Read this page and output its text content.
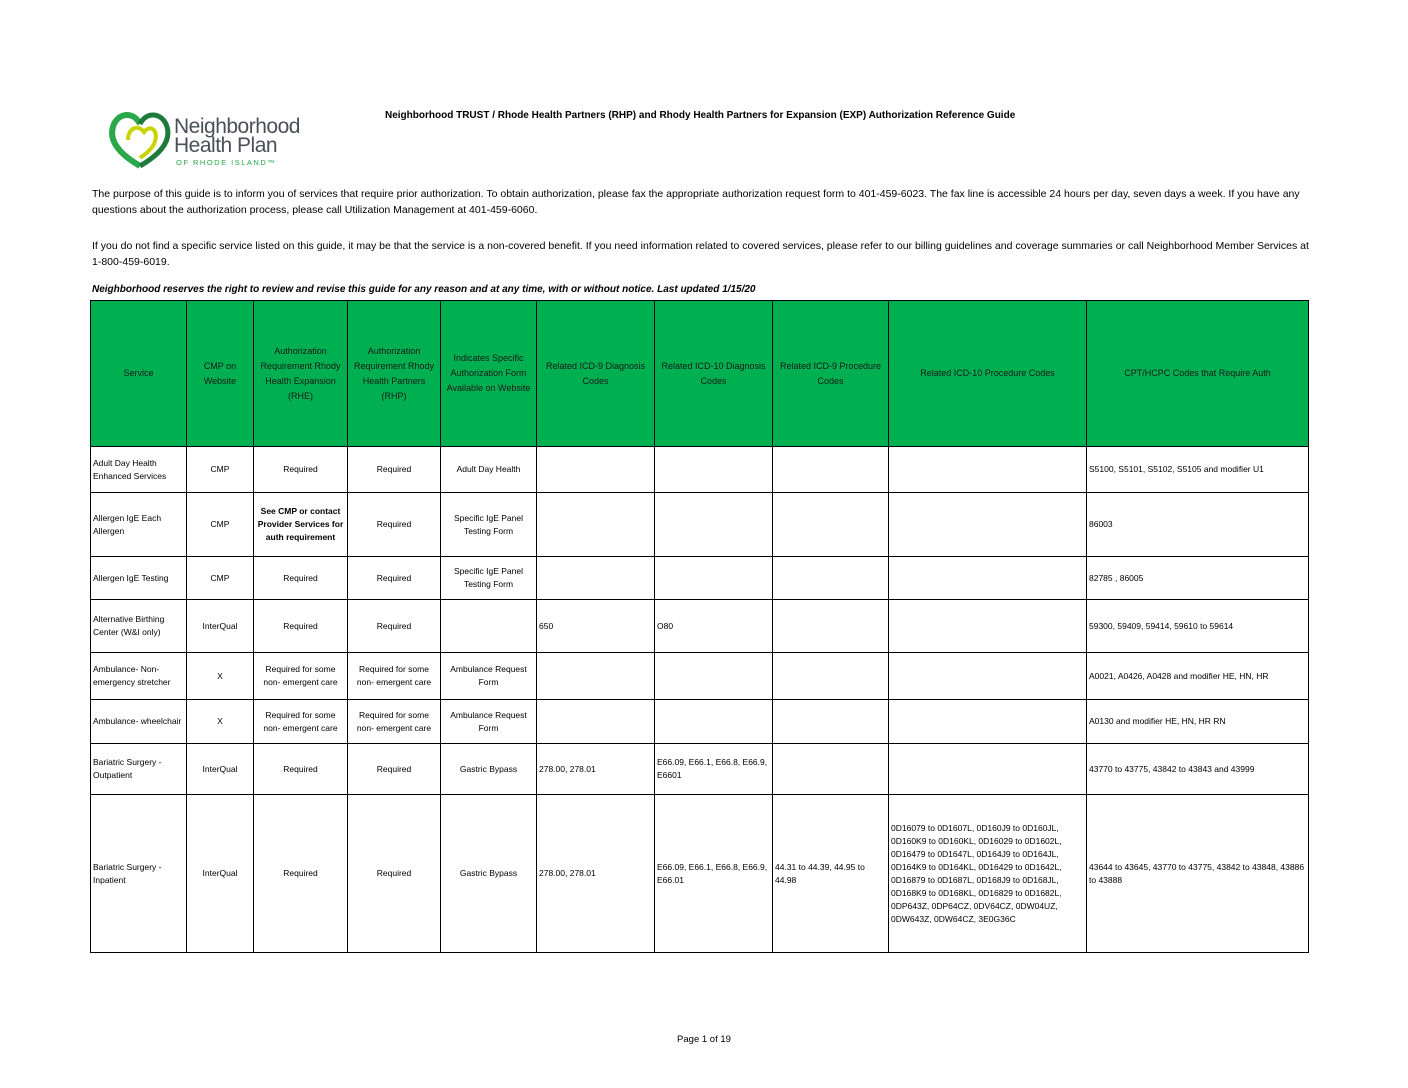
Neighborhood
Health Plan
OF RHODE ISLAND™
Neighborhood TRUST / Rhode Health Partners (RHP) and Rhody Health Partners for Expansion (EXP) Authorization Reference Guide
The purpose of this guide is to inform you of services that require prior authorization. To obtain authorization, please fax the appropriate authorization request form to 401-459-6023. The fax line is accessible 24 hours per day, seven days a week. If you have any questions about the authorization process, please call Utilization Management at 401-459-6060.
If you do not find a specific service listed on this guide, it may be that the service is a non-covered benefit. If you need information related to covered services, please refer to our billing guidelines and coverage summaries or call Neighborhood Member Services at 1-800-459-6019.
Neighborhood reserves the right to review and revise this guide for any reason and at any time, with or without notice. Last updated 1/15/20
Service	CMP on Website	Authorization Requirement Rhody Health Expansion (RHE)	Authorization Requirement Rhody Health Partners (RHP)	Indicates Specific Authorization Form Available on Website	Related ICD-9 Diagnosis Codes	Related ICD-10 Diagnosis Codes	Related ICD-9 Procedure Codes	Related ICD-10 Procedure Codes	CPT/HCPC Codes that Require Auth
Adult Day Health Enhanced Services	CMP	Required	Required	Adult Day Health					S5100, S5101, S5102, S5105 and modifier U1
Allergen IgE Each Allergen	CMP	See CMP or contact Provider Services for auth requirement	Required	Specific IgE Panel Testing Form					86003
Allergen IgE Testing	CMP	Required	Required	Specific IgE Panel Testing Form					82785 , 86005
Alternative Birthing Center (W&I only)	InterQual	Required	Required		650	O80			59300, 59409, 59414, 59610 to 59614
Ambulance- Non-emergency stretcher	X	Required for some non- emergent care	Required for some non- emergent care	Ambulance Request Form					A0021, A0426, A0428 and modifier HE, HN, HR
Ambulance- wheelchair	X	Required for some non- emergent care	Required for some non- emergent care	Ambulance Request Form					A0130 and modifier HE, HN, HR RN
Bariatric Surgery - Outpatient	InterQual	Required	Required	Gastric Bypass	278.00, 278.01	E66.09, E66.1, E66.8, E66.9, E6601			43770 to 43775, 43842 to 43843 and 43999
Bariatric Surgery - Inpatient	InterQual	Required	Required	Gastric Bypass	278.00, 278.01	E66.09, E66.1, E66.8, E66.9, E66.01	44.31 to 44.39, 44.95 to 44.98	0D16079 to 0D1607L, 0D160J9 to 0D160JL, 0D160K9 to 0D160KL, 0D16029 to 0D1602L, 0D16479 to 0D1647L, 0D164J9 to 0D164JL, 0D164K9 to 0D164KL, 0D16429 to 0D1642L, 0D16879 to 0D1687L, 0D168J9 to 0D168JL, 0D168K9 to 0D168KL, 0D16829 to 0D1682L, 0DP643Z, 0DP64CZ, 0DV64CZ, 0DW04UZ, 0DW643Z, 0DW64CZ, 3E0G36C	43644 to 43645, 43770 to 43775, 43842 to 43848, 43886 to 43888
Page 1 of 19
